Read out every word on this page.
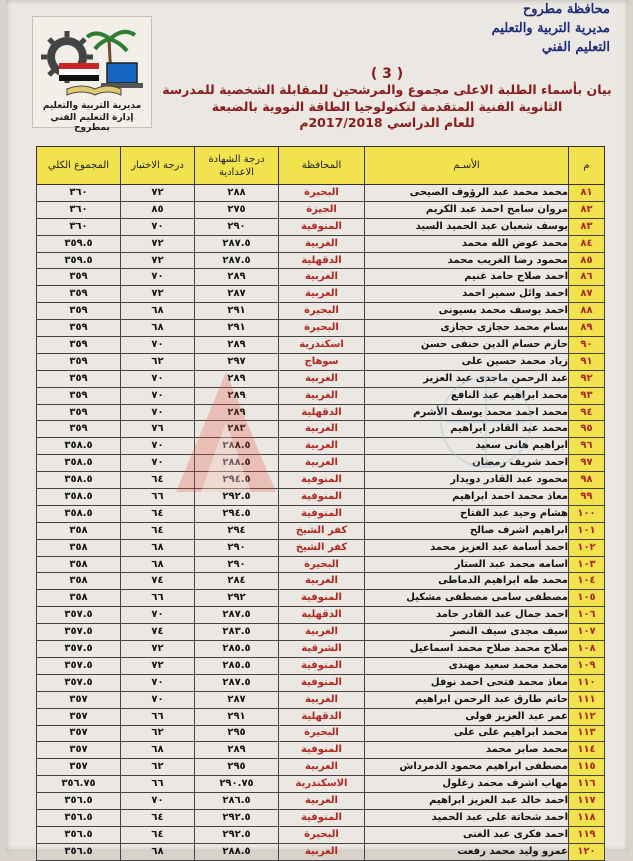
مديرية التربية والتعليم
إدارة التعليم الفني بمطروح
محافظة مطروح
مديرية التربية والتعليم
التعليم الفني
( 3 )
بيان بأسماء الطلبة الاعلى مجموع والمرشحين للمقابلة الشخصية للمدرسة
الثانوية الفنية المتقدمة لتكنولوجيا الطاقة النووية بالضبعة
للعام الدراسي 2017/2018م
م	الأسـم	المحافظة	درجة الشهادة الاعدادية	درجة الاختبار	المجموع الكلي
٨١	محمد محمد عبد الرؤوف الصيحى	البحيرة	٢٨٨	٧٢	٣٦٠
٨٢	مروان سامح احمد عبد الكريم	الجيزة	٢٧٥	٨٥	٣٦٠
٨٣	يوسف شعبان عبد الحميد السيد	المنوفية	٢٩٠	٧٠	٣٦٠
٨٤	محمد عوض الله محمد	الغربية	٢٨٧.٥	٧٢	٣٥٩.٥
٨٥	محمود رضا الغريب محمد	الدقهلية	٢٨٧.٥	٧٢	٣٥٩.٥
٨٦	احمد صلاح حامد غنيم	الغربية	٢٨٩	٧٠	٣٥٩
٨٧	احمد وائل سمير احمد	الغربية	٢٨٧	٧٢	٣٥٩
٨٨	احمد يوسف محمد بسيونى	البحيرة	٢٩١	٦٨	٣٥٩
٨٩	بسام محمد حجازى حجازى	البحيرة	٢٩١	٦٨	٣٥٩
٩٠	حازم حسام الدين حنفى حسن	اسكندرية	٢٨٩	٧٠	٣٥٩
٩١	زياد محمد حسين على	سوهاج	٢٩٧	٦٢	٣٥٩
٩٢	عبد الرحمن ماجدى عبد العزيز	الغربية	٢٨٩	٧٠	٣٥٩
٩٣	محمد ابراهيم عبد النافع	الغربية	٢٨٩	٧٠	٣٥٩
٩٤	محمد احمد محمد يوسف الأشرم	الدقهلية	٢٨٩	٧٠	٣٥٩
٩٥	محمد عبد القادر ابراهيم	الغربية	٢٨٣	٧٦	٣٥٩
٩٦	ابراهيم هانى سعيد	الغربية	٢٨٨.٥	٧٠	٣٥٨.٥
٩٧	احمد شريف رمضان	الغربية	٢٨٨.٥	٧٠	٣٥٨.٥
٩٨	محمود عبد القادر دويدار	المنوفية	٢٩٤.٥	٦٤	٣٥٨.٥
٩٩	معاذ محمد احمد ابراهيم	المنوفية	٢٩٢.٥	٦٦	٣٥٨.٥
١٠٠	هشام وحيد عبد الفتاح	المنوفية	٢٩٤.٥	٦٤	٣٥٨.٥
١٠١	ابراهيم اشرف صالح	كفر الشيخ	٢٩٤	٦٤	٣٥٨
١٠٢	احمد أسامة عبد العزيز محمد	كفر الشيخ	٢٩٠	٦٨	٣٥٨
١٠٣	اسامه محمد عبد الستار	البحيرة	٢٩٠	٦٨	٣٥٨
١٠٤	محمد طه ابراهيم الدماطى	الغربية	٢٨٤	٧٤	٣٥٨
١٠٥	مصطفى سامى مصطفى مشكيل	المنوفية	٢٩٢	٦٦	٣٥٨
١٠٦	احمد جمال عبد القادر حامد	الدقهلية	٢٨٧.٥	٧٠	٣٥٧.٥
١٠٧	سيف مجدى سيف النصر	الغربية	٢٨٣.٥	٧٤	٣٥٧.٥
١٠٨	صلاح محمد صلاح محمد اسماعيل	الشرقية	٢٨٥.٥	٧٢	٣٥٧.٥
١٠٩	محمد محمد سعيد مهندى	المنوفية	٢٨٥.٥	٧٢	٣٥٧.٥
١١٠	معاذ محمد فتحى احمد نوفل	المنوفية	٢٨٧.٥	٧٠	٣٥٧.٥
١١١	حاتم طارق عبد الرحمن ابراهيم	الغربية	٢٨٧	٧٠	٣٥٧
١١٢	عمر عبد العزيز فولى	الدقهلية	٢٩١	٦٦	٣٥٧
١١٣	محمد ابراهيم على على	البحيرة	٢٩٥	٦٢	٣٥٧
١١٤	محمد صابر محمد	المنوفية	٢٨٩	٦٨	٣٥٧
١١٥	مصطفى ابراهيم محمود الدمرداش	الغربية	٢٩٥	٦٢	٣٥٧
١١٦	مهاب اشرف محمد زغلول	الاسكندرية	٢٩٠.٧٥	٦٦	٣٥٦.٧٥
١١٧	احمد خالد عبد العزيز ابراهيم	الغربية	٢٨٦.٥	٧٠	٣٥٦.٥
١١٨	احمد شحاتة على عبد الحميد	المنوفية	٢٩٢.٥	٦٤	٣٥٦.٥
١١٩	احمد فكرى عبد الغنى	البحيرة	٢٩٢.٥	٦٤	٣٥٦.٥
١٢٠	عمرو وليد محمد رفعت	الغربية	٢٨٨.٥	٦٨	٣٥٦.٥
